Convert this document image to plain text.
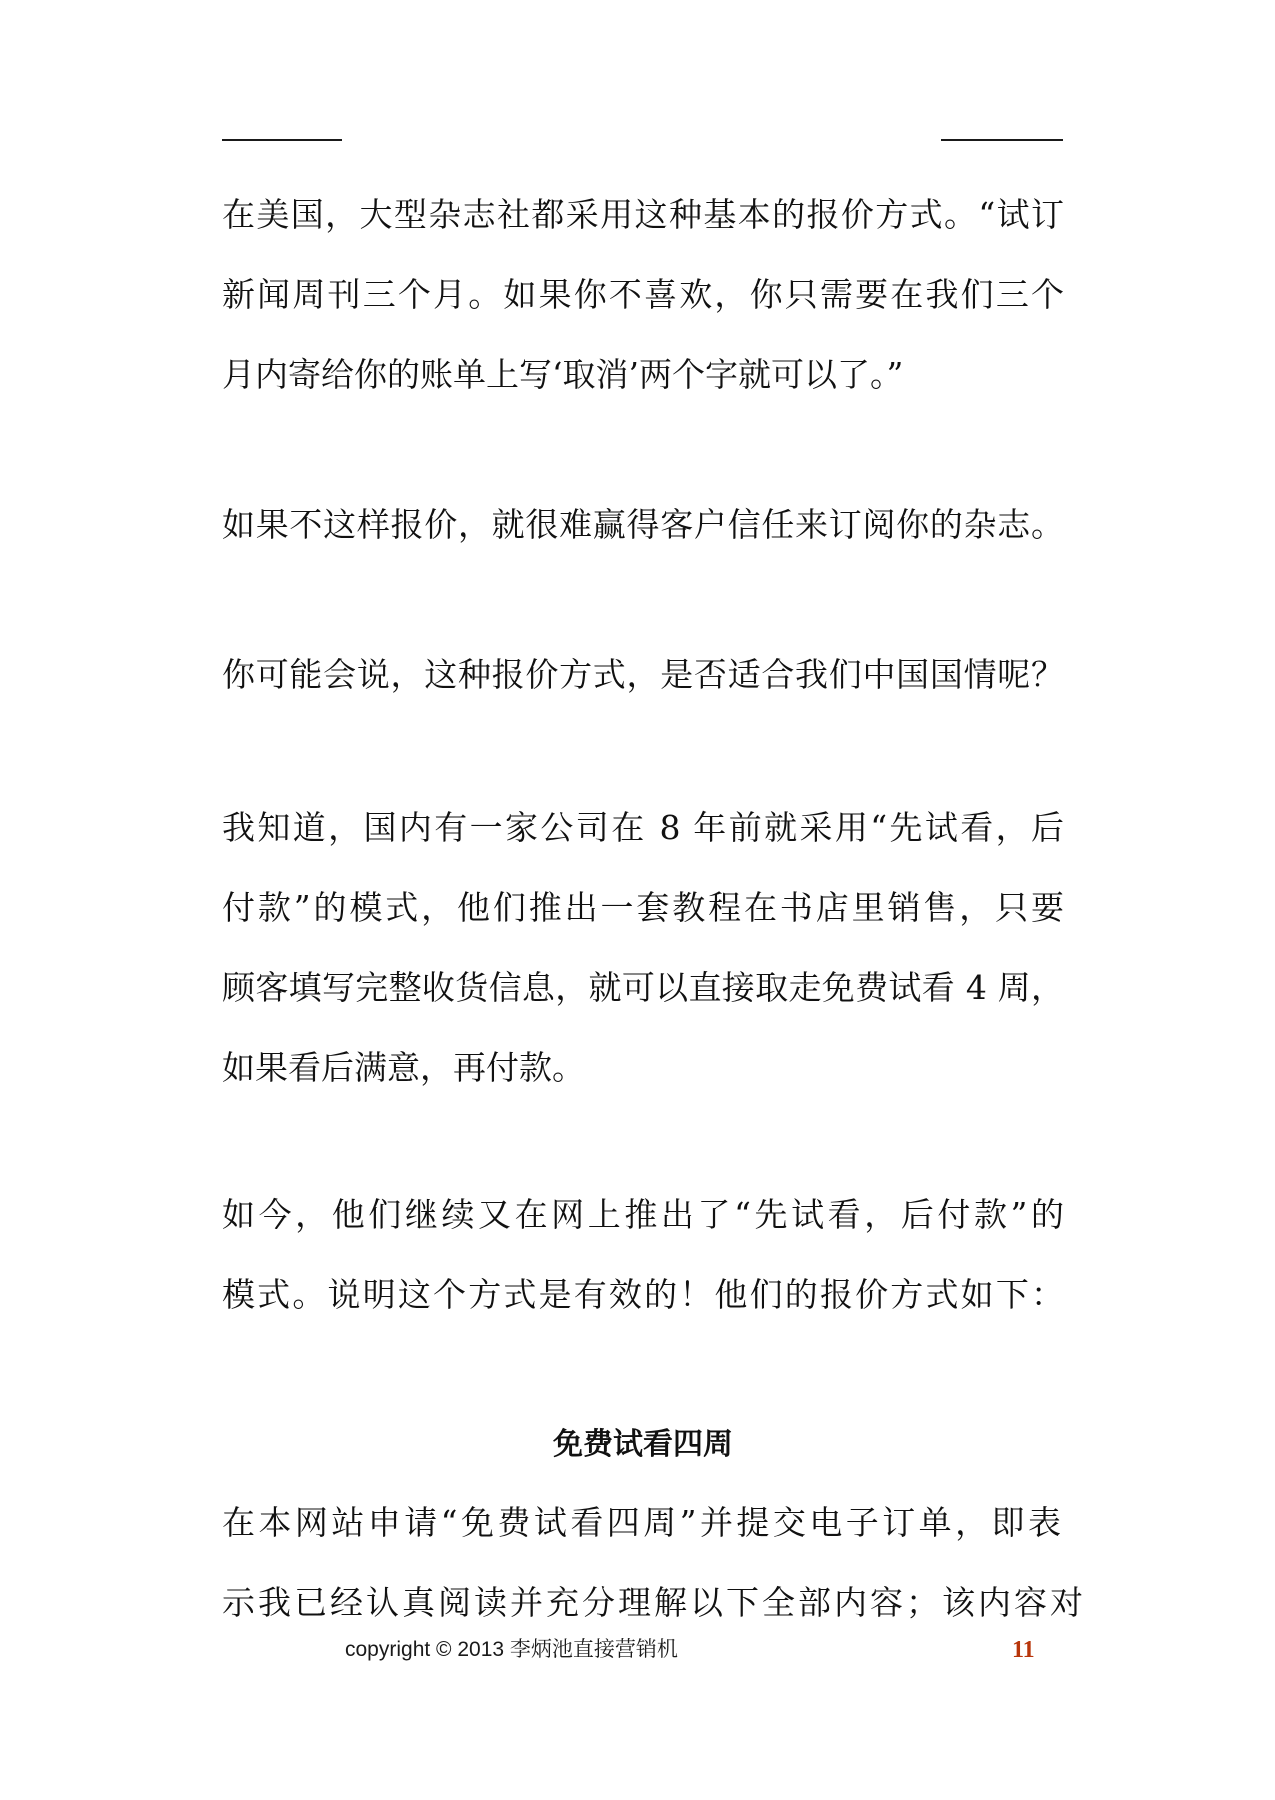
在美国，大型杂志社都采用这种基本的报价方式。“试订
新闻周刊三个月。如果你不喜欢，你只需要在我们三个
月内寄给你的账单上写‘取消’两个字就可以了。”
如果不这样报价，就很难赢得客户信任来订阅你的杂志。
你可能会说，这种报价方式，是否适合我们中国国情呢？
我知道，国内有一家公司在 8 年前就采用“先试看，后
付款”的模式，他们推出一套教程在书店里销售，只要
顾客填写完整收货信息，就可以直接取走免费试看 4 周，
如果看后满意，再付款。
如今，他们继续又在网上推出了“先试看，后付款”的
模式。说明这个方式是有效的！他们的报价方式如下：
免费试看四周
在本网站申请“免费试看四周”并提交电子订单，即表
示我已经认真阅读并充分理解以下全部内容；该内容对
copyright © 2013 李炳池直接营销机	11
